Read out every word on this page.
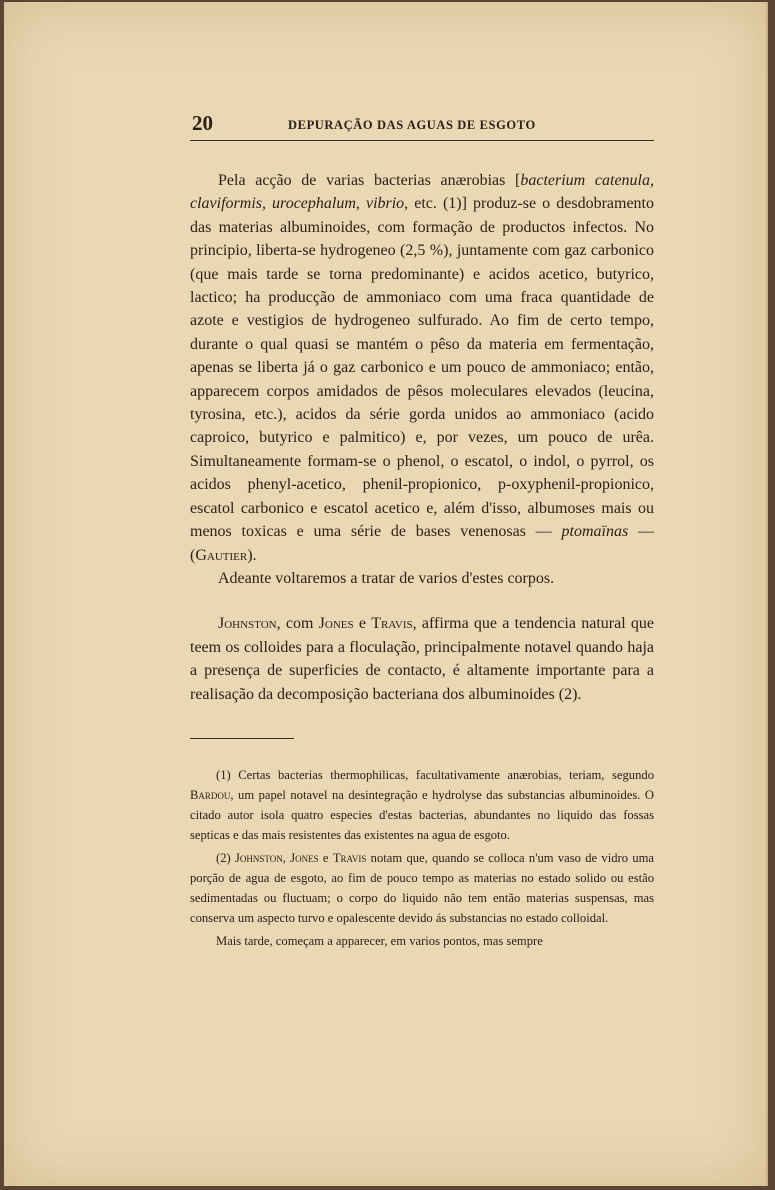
20	DEPURAÇÃO DAS AGUAS DE ESGOTO

Pela acção de varias bacterias anærobias [bacterium catenula, claviformis, urocephalum, vibrio, etc. (1)] produz-se o desdobramento das materias albuminoides, com formação de productos infectos. No principio, liberta-se hydrogeneo (2,5 %), juntamente com gaz carbonico (que mais tarde se torna predominante) e acidos acetico, butyrico, lactico; ha producção de ammoniaco com uma fraca quantidade de azote e vestigios de hydrogeneo sulfurado. Ao fim de certo tempo, durante o qual quasi se mantém o pêso da materia em fermentação, apenas se liberta já o gaz carbonico e um pouco de ammoniaco; então, apparecem corpos amidados de pêsos moleculares elevados (leucina, tyrosina, etc.), acidos da série gorda unidos ao ammoniaco (acido caproico, butyrico e palmitico) e, por vezes, um pouco de urêa. Simultaneamente formam-se o phenol, o escatol, o indol, o pyrrol, os acidos phenyl-acetico, phenil-propionico, p-oxyphenil-propionico, escatol carbonico e escatol acetico e, além d'isso, albumoses mais ou menos toxicas e uma série de bases venenosas — ptomaïnas — (Gautier).

Adeante voltaremos a tratar de varios d'estes corpos.

Johnston, com Jones e Travis, affirma que a tendencia natural que teem os colloides para a floculação, principalmente notavel quando haja a presença de superficies de contacto, é altamente importante para a realisação da decomposição bacteriana dos albuminoides (2).

(1) Certas bacterias thermophilicas, facultativamente anærobias, teriam, segundo Bardou, um papel notavel na desintegração e hydrolyse das substancias albuminoides. O citado autor isola quatro especies d'estas bacterias, abundantes no liquido das fossas septicas e das mais resistentes das existentes na agua de esgoto.

(2) Johnston, Jones e Travis notam que, quando se colloca n'um vaso de vidro uma porção de agua de esgoto, ao fim de pouco tempo as materias no estado solido ou estão sedimentadas ou fluctuam; o corpo do liquido não tem então materias suspensas, mas conserva um aspecto turvo e opalescente devido ás substancias no estado colloidal.

Mais tarde, começam a apparecer, em varios pontos, mas sempre
